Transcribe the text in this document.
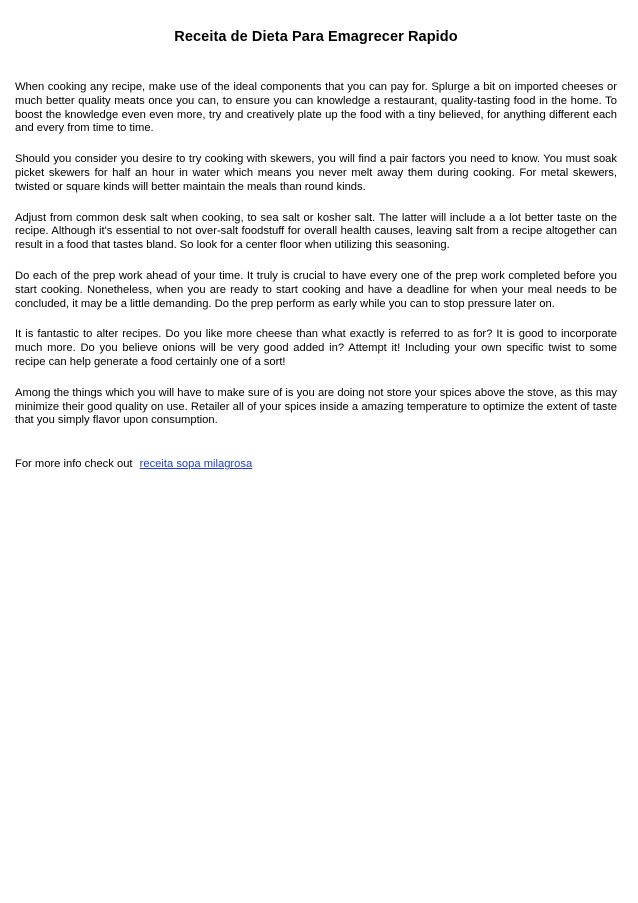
Receita de Dieta Para Emagrecer Rapido

When cooking any recipe, make use of the ideal components that you can pay for. Splurge a bit on imported cheeses or much better quality meats once you can, to ensure you can knowledge a restaurant, quality-tasting food in the home. To boost the knowledge even even more, try and creatively plate up the food with a tiny believed, for anything different each and every from time to time.

Should you consider you desire to try cooking with skewers, you will find a pair factors you need to know. You must soak picket skewers for half an hour in water which means you never melt away them during cooking. For metal skewers, twisted or square kinds will better maintain the meals than round kinds.

Adjust from common desk salt when cooking, to sea salt or kosher salt. The latter will include a a lot better taste on the recipe. Although it's essential to not over-salt foodstuff for overall health causes, leaving salt from a recipe altogether can result in a food that tastes bland. So look for a center floor when utilizing this seasoning.

Do each of the prep work ahead of your time. It truly is crucial to have every one of the prep work completed before you start cooking. Nonetheless, when you are ready to start cooking and have a deadline for when your meal needs to be concluded, it may be a little demanding. Do the prep perform as early while you can to stop pressure later on.

It is fantastic to alter recipes. Do you like more cheese than what exactly is referred to as for? It is good to incorporate much more. Do you believe onions will be very good added in? Attempt it! Including your own specific twist to some recipe can help generate a food certainly one of a sort!

Among the things which you will have to make sure of is you are doing not store your spices above the stove, as this may minimize their good quality on use. Retailer all of your spices inside a amazing temperature to optimize the extent of taste that you simply flavor upon consumption.

For more info check out receita sopa milagrosa
